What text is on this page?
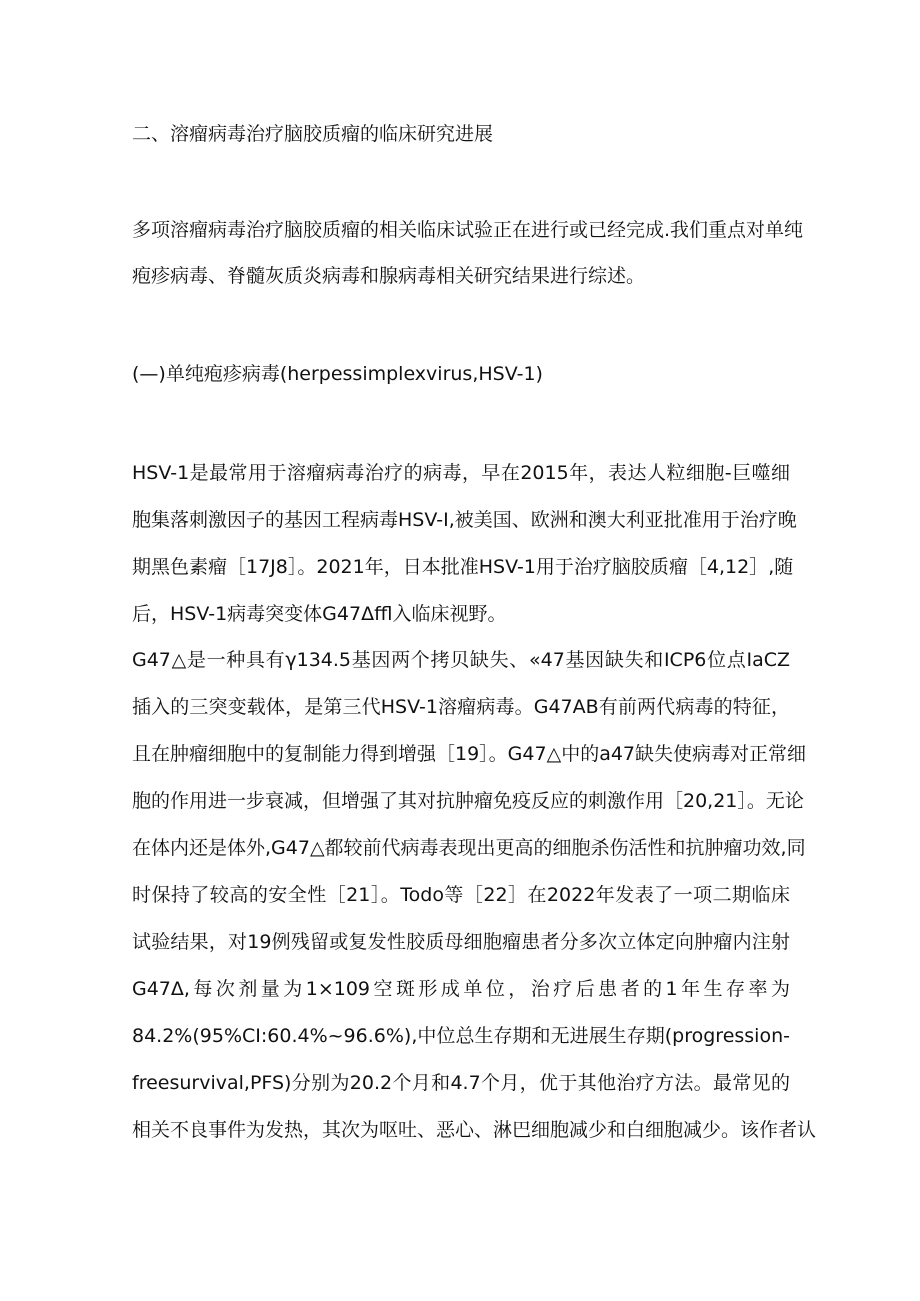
二、溶瘤病毒治疗脑胶质瘤的临床研究进展
多项溶瘤病毒治疗脑胶质瘤的相关临床试验正在进行或已经完成.我们重点对单纯
疱疹病毒、脊髓灰质炎病毒和腺病毒相关研究结果进行综述。
(—)单纯疱疹病毒(herpessimplexvirus,HSV-1)
HSV-1是最常用于溶瘤病毒治疗的病毒，早在2015年，表达人粒细胞-巨噬细
胞集落刺激因子的基因工程病毒HSV-I,被美国、欧洲和澳大利亚批准用于治疗晚
期黑色素瘤［17J8］。2021年，日本批准HSV-1用于治疗脑胶质瘤［4,12］,随
后，HSV-1病毒突变体G47Δffl入临床视野。
G47△是一种具有γ134.5基因两个拷贝缺失、«47基因缺失和ICP6位点IaCZ
插入的三突变载体，是第三代HSV-1溶瘤病毒。G47AB有前两代病毒的特征，
且在肿瘤细胞中的复制能力得到增强［19］。G47△中的a47缺失使病毒对正常细
胞的作用进一步衰减，但增强了其对抗肿瘤免疫反应的刺激作用［20,21］。无论
在体内还是体外,G47△都较前代病毒表现出更高的细胞杀伤活性和抗肿瘤功效,同
时保持了较高的安全性［21］。Todo等［22］在2022年发表了一项二期临床
试验结果，对19例残留或复发性胶质母细胞瘤患者分多次立体定向肿瘤内注射
G47Δ,每次剂量为1×109空斑形成单位，治疗后患者的1年生存率为
84.2%(95%CI:60.4%~96.6%),中位总生存期和无进展生存期(progression-
freesurvival,PFS)分别为20.2个月和4.7个月，优于其他治疗方法。最常见的
相关不良事件为发热，其次为呕吐、恶心、淋巴细胞减少和白细胞减少。该作者认
